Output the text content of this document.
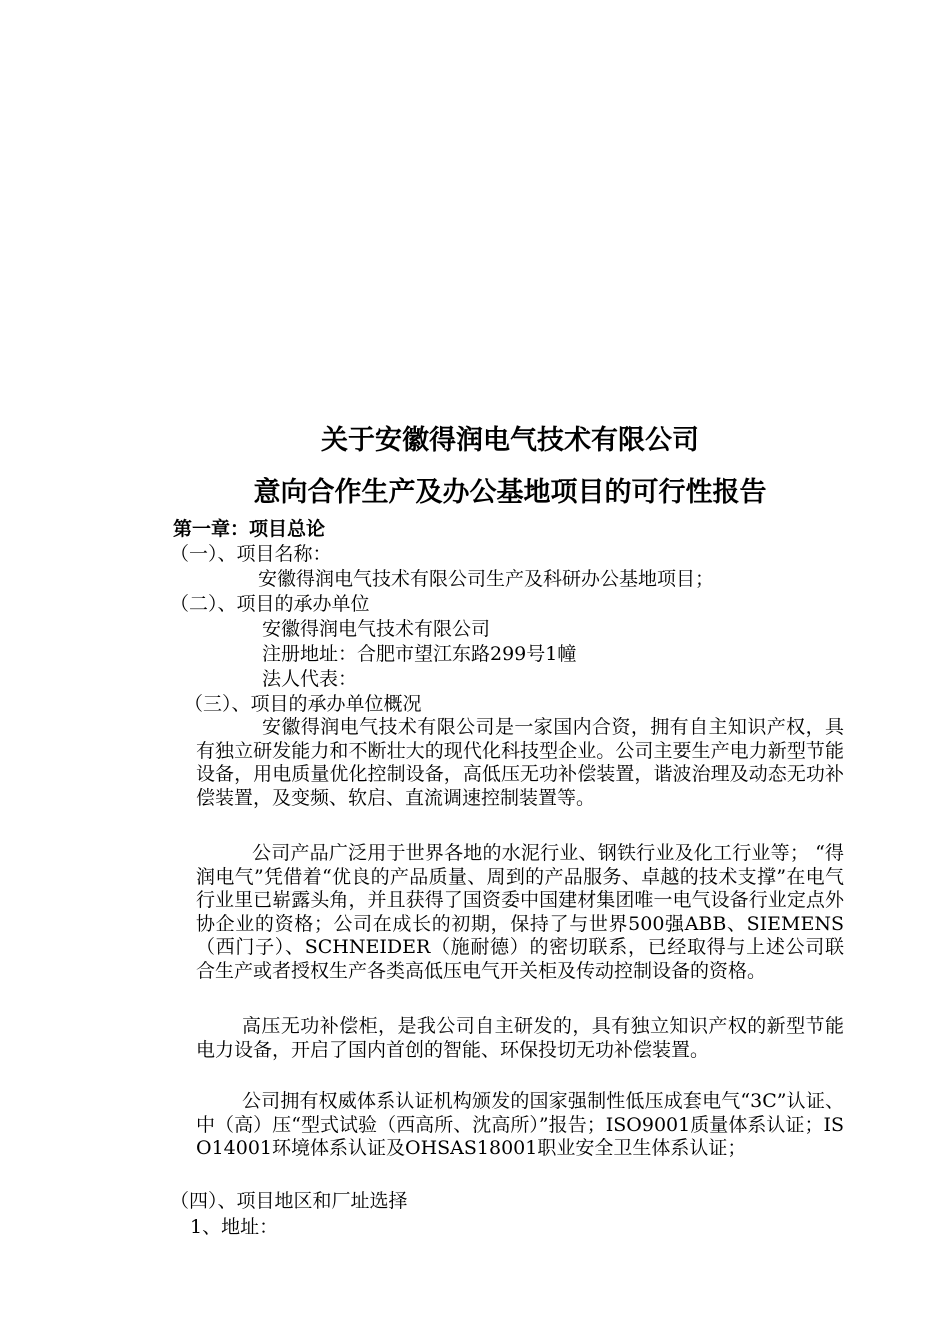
关于安徽得润电气技术有限公司
意向合作生产及办公基地项目的可行性报告
第一章：项目总论
（一）、项目名称：
安徽得润电气技术有限公司生产及科研办公基地项目；
（二）、项目的承办单位
安徽得润电气技术有限公司
注册地址：合肥市望江东路299号1幢
法人代表：
（三）、项目的承办单位概况
安徽得润电气技术有限公司是一家国内合资，拥有自主知识产权，具有独立研发能力和不断壮大的现代化科技型企业。公司主要生产电力新型节能设备，用电质量优化控制设备，高低压无功补偿装置，谐波治理及动态无功补偿装置，及变频、软启、直流调速控制装置等。
公司产品广泛用于世界各地的水泥行业、钢铁行业及化工行业等； “得润电气”凭借着“优良的产品质量、周到的产品服务、卓越的技术支撑”在电气行业里已崭露头角，并且获得了国资委中国建材集团唯一电气设备行业定点外协企业的资格；公司在成长的初期，保持了与世界500强ABB、SIEMENS（西门子）、SCHNEIDER（施耐德）的密切联系，已经取得与上述公司联合生产或者授权生产各类高低压电气开关柜及传动控制设备的资格。
高压无功补偿柜，是我公司自主研发的，具有独立知识产权的新型节能电力设备，开启了国内首创的智能、环保投切无功补偿装置。
公司拥有权威体系认证机构颁发的国家强制性低压成套电气“3C”认证、中（高）压“型式试验（西高所、沈高所）”报告；ISO9001质量体系认证；ISO14001环境体系认证及OHSAS18001职业安全卫生体系认证；
（四）、项目地区和厂址选择
1、地址：
